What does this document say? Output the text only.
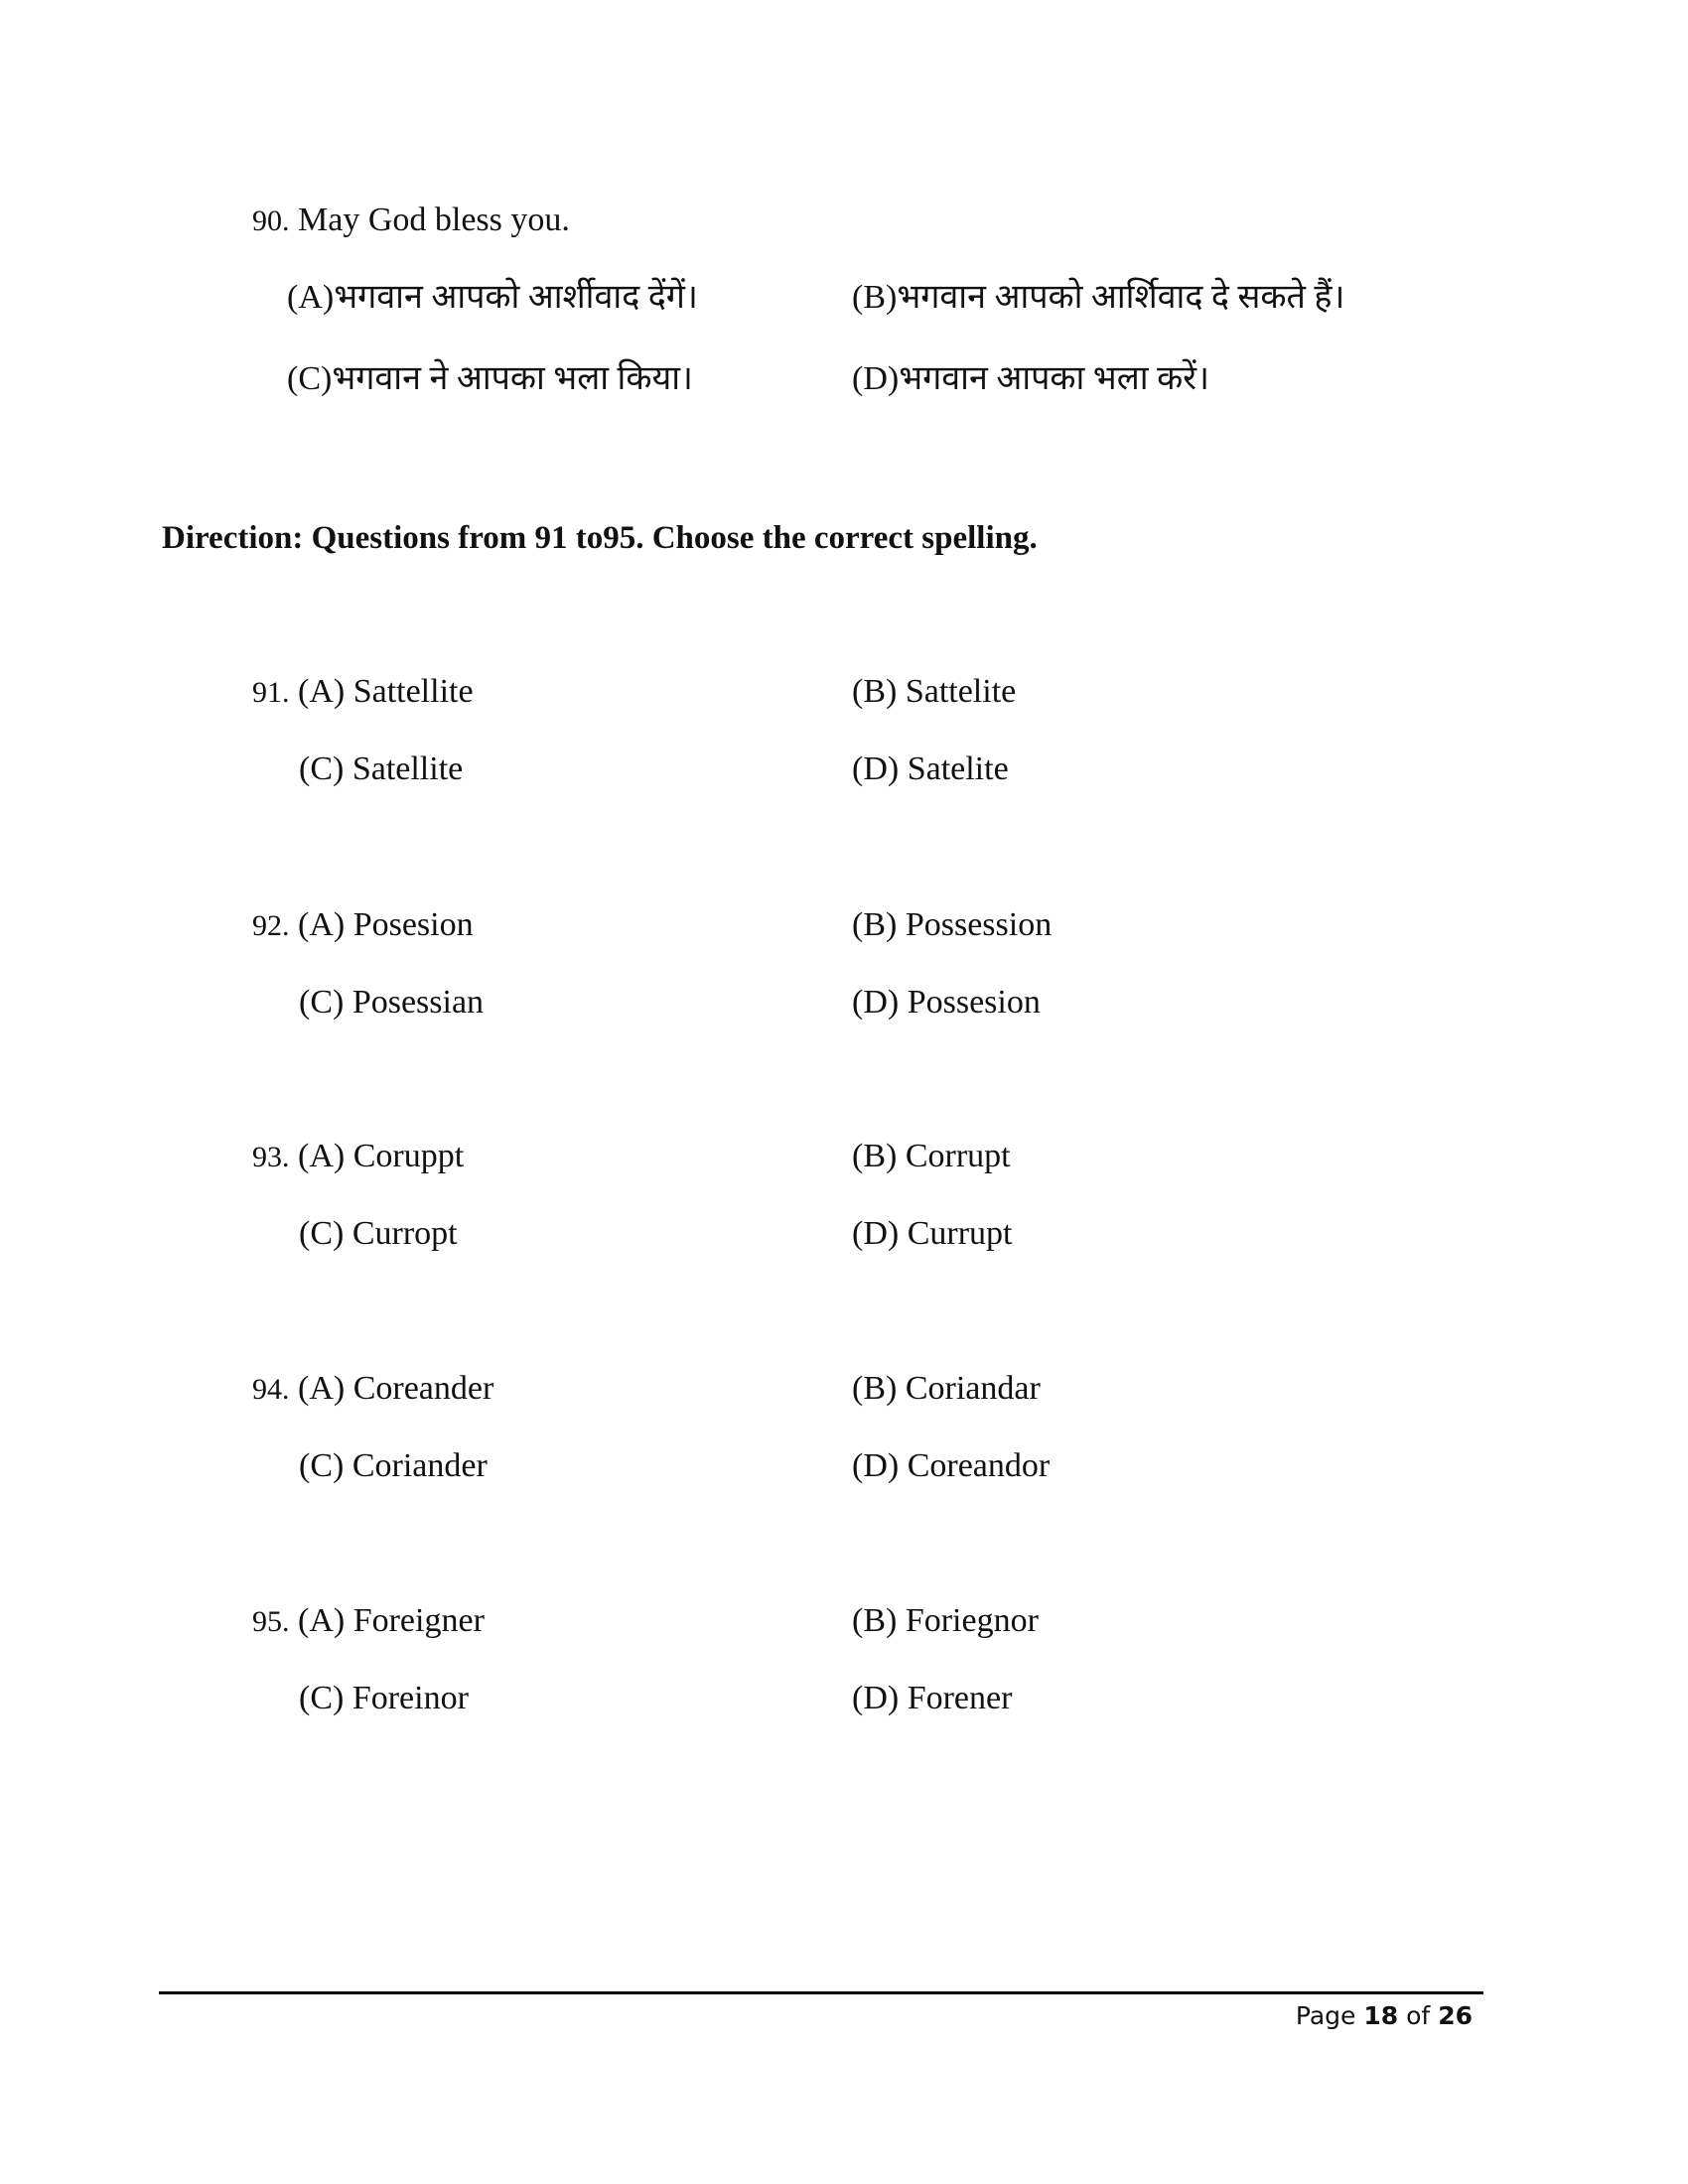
90. May God bless you.
(A)भगवान आपको आर्शीवाद देंगें।	(B)भगवान आपको आर्शिवाद दे सकते हैं।
(C)भगवान ने आपका भला किया।	(D)भगवान आपका भला करें।
Direction: Questions from 91 to95. Choose the correct spelling.
91. (A) Sattellite	(B) Sattelite
(C) Satellite	(D) Satelite
92. (A) Posesion	(B) Possession
(C) Posessian	(D) Possesion
93. (A) Coruppt	(B) Corrupt
(C) Curropt	(D) Currupt
94. (A) Coreander	(B) Coriandar
(C) Coriander	(D) Coreandor
95. (A) Foreigner	(B) Foriegnor
(C) Foreinor	(D) Forener
Page 18 of 26
